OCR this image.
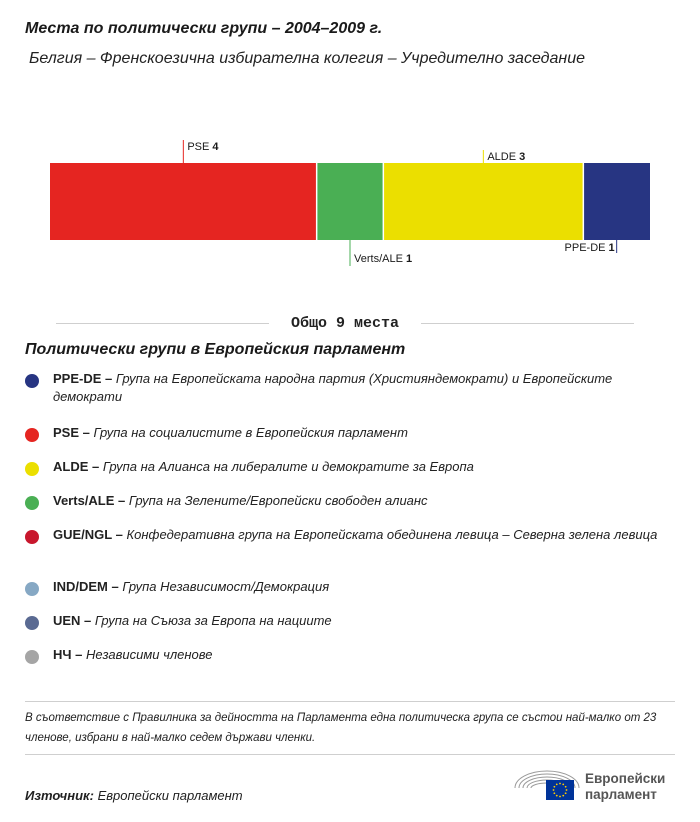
Места по политически групи – 2004–2009 г.
Белгия – Френскоезична избирателна колегия – Учредително заседание
PSE 4
Verts/ALE 1
ALDE 3
PPE-DE 1
Общо 9 места
Политически групи в Европейския парламент
PPE-DE – Група на Европейската народна партия (Християндемократи) и Европейските демократи
PSE – Група на социалистите в Европейския парламент
ALDE – Група на Алианса на либералите и демократите за Европа
Verts/ALE – Група на Зелените/Европейски свободен алианс
GUE/NGL – Конфедеративна група на Европейската обединена левица – Северна зелена левица
IND/DEM – Група Независимост/Демокрация
UEN – Група на Съюза за Европа на нациите
НЧ – Независими членове
В съответствие с Правилника за дейността на Парламента една политическа група се състои най-малко от 23 членове, избрани в най-малко седем държави членки.
Източник: Европейски парламент
Европейски
парламент
